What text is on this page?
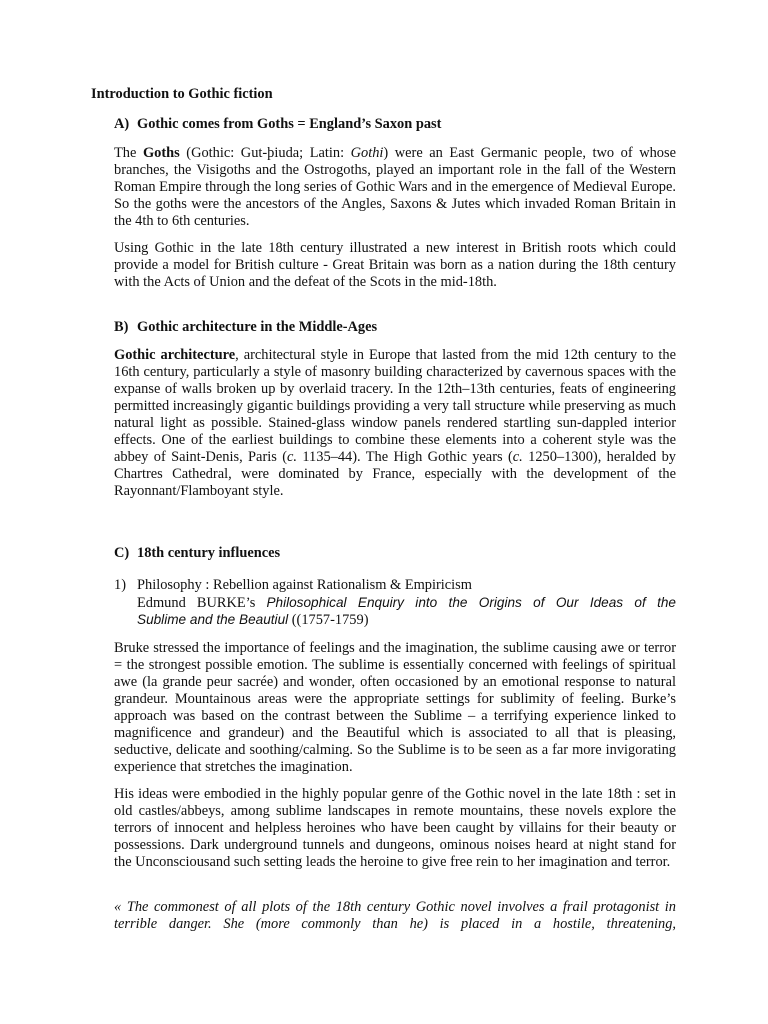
Introduction to Gothic fiction
A) Gothic comes from Goths = England’s Saxon past

The Goths (Gothic: Gut-þiuda; Latin: Gothi) were an East Germanic people, two of whose branches, the Visigoths and the Ostrogoths, played an important role in the fall of the Western Roman Empire through the long series of Gothic Wars and in the emergence of Medieval Europe. So the goths were the ancestors of the Angles, Saxons & Jutes which invaded Roman Britain in the 4th to 6th centuries.

Using Gothic in the late 18th century illustrated a new interest in British roots which could provide a model for British culture - Great Britain was born as a nation during the 18th century with the Acts of Union and the defeat of the Scots in the mid-18th.

B) Gothic architecture in the Middle-Ages

Gothic architecture, architectural style in Europe that lasted from the mid 12th century to the 16th century, particularly a style of masonry building characterized by cavernous spaces with the expanse of walls broken up by overlaid tracery. In the 12th–13th centuries, feats of engineering permitted increasingly gigantic buildings providing a very tall structure while preserving as much natural light as possible. Stained-glass window panels rendered startling sun-dappled interior effects. One of the earliest buildings to combine these elements into a coherent style was the abbey of Saint-Denis, Paris (c. 1135–44). The High Gothic years (c. 1250–1300), heralded by Chartres Cathedral, were dominated by France, especially with the development of the Rayonnant/Flamboyant style.

C) 18th century influences
1) Philosophy : Rebellion against Rationalism & Empiricism
Edmund BURKE’s Philosophical Enquiry into the Origins of Our Ideas of the
Sublime and the Beautiul ((1757-1759)

Bruke stressed the importance of feelings and the imagination, the sublime causing awe or terror = the strongest possible emotion. The sublime is essentially concerned with feelings of spiritual awe (la grande peur sacrée) and wonder, often occasioned by an emotional response to natural grandeur. Mountainous areas were the appropriate settings for sublimity of feeling. Burke’s approach was based on the contrast between the Sublime – a terrifying experience linked to magnificence and grandeur) and the Beautiful which is associated to all that is pleasing, seductive, delicate and soothing/calming. So the Sublime is to be seen as a far more invigorating experience that stretches the imagination.

His ideas were embodied in the highly popular genre of the Gothic novel in the late 18th : set in old castles/abbeys, among sublime landscapes in remote mountains, these novels explore the terrors of innocent and helpless heroines who have been caught by villains for their beauty or possessions. Dark underground tunnels and dungeons, ominous noises heard at night stand for the Unconsciousand such setting leads the heroine to give free rein to her imagination and terror.

« The commonest of all plots of the 18th century Gothic novel involves a frail protagonist in terrible danger. She (more commonly than he) is placed in a hostile, threatening,
